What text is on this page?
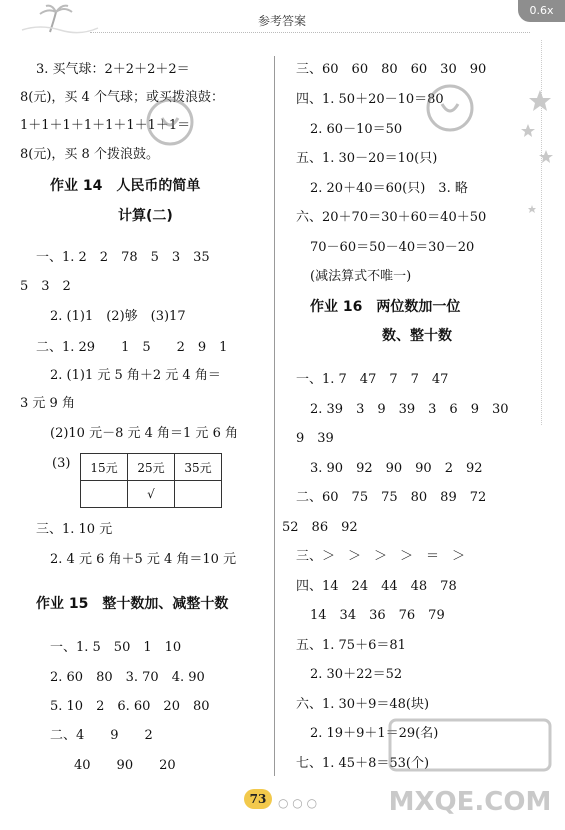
参考答案
0.6x
3. 买气球：2＋2＋2＋2＝
8(元)，买 4 个气球；或买拨浪鼓：
1＋1＋1＋1＋1＋1＋1＋1＝
8(元)，买 8 个拨浪鼓。
作业 14　人民币的简单
计算(二)
一、1. 2　2　78　5　3　35
5　3　2
2. (1)1　(2)够　(3)17
二、1. 29　　1　5　　2　9　1
2. (1)1 元 5 角＋2 元 4 角＝
3 元 9 角
(2)10 元－8 元 4 角＝1 元 6 角
(3) 15元	25元	35元
	√	
三、1. 10 元
2. 4 元 6 角＋5 元 4 角＝10 元
作业 15　整十数加、减整十数
一、1. 5　50　1　10
2. 60　80　3. 70　4. 90
5. 10　2　6. 60　20　80
二、4　　9　　2
40　　90　　20
三、60　60　80　60　30　90
四、1. 50＋20－10＝80
2. 60－10＝50
五、1. 30－20＝10(只)
2. 20＋40＝60(只)　3. 略
六、20＋70＝30＋60＝40＋50
70－60＝50－40＝30－20
(减法算式不唯一)
作业 16　两位数加一位
数、整十数
一、1. 7　47　7　7　47
2. 39　3　9　39　3　6　9　30
9　39
3. 90　92　90　90　2　92
二、60　75　75　80　89　72
52　86　92
三、＞　＞　＞　＞　＝　＞
四、14　24　44　48　78
14　34　36　76　79
五、1. 75＋6＝81
2. 30＋22＝52
六、1. 30＋9＝48(块)
2. 19＋9＋1＝29(名)
七、1. 45＋8＝53(个)
MXQE.COM
73 ○ ○ ○
